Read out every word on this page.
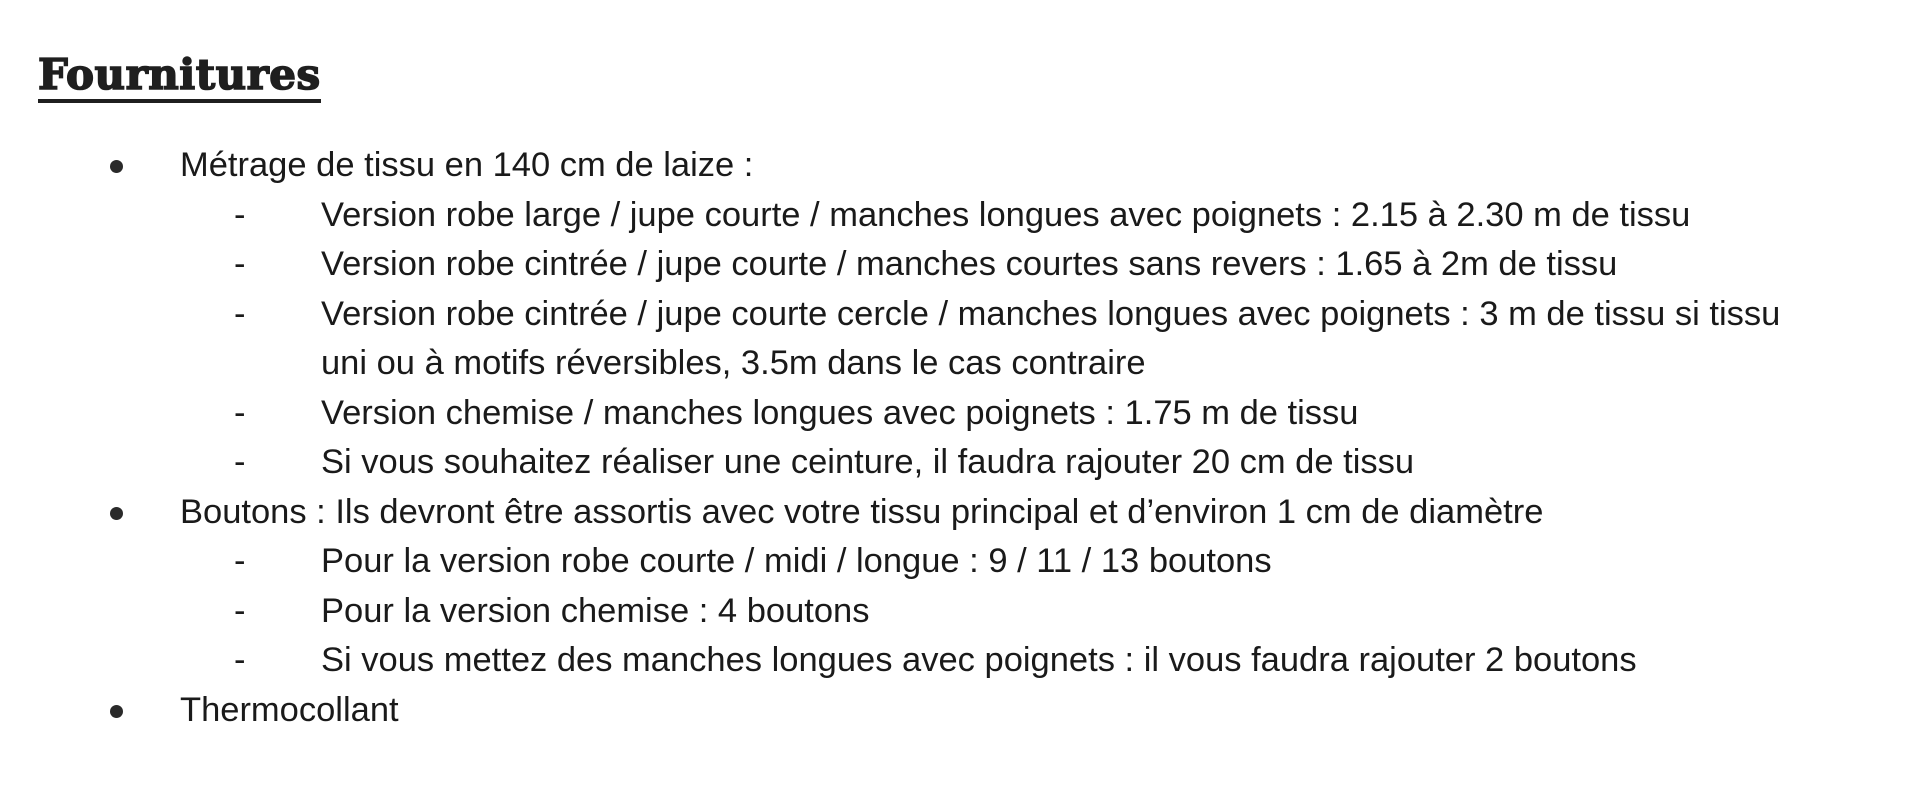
Fournitures
Métrage de tissu en 140 cm de laize :
- Version robe large / jupe courte / manches longues avec poignets : 2.15 à 2.30 m de tissu
- Version robe cintrée / jupe courte / manches courtes sans revers : 1.65 à 2m de tissu
- Version robe cintrée / jupe courte cercle / manches longues avec poignets : 3 m de tissu si tissu
uni ou à motifs réversibles, 3.5m dans le cas contraire
- Version chemise / manches longues avec poignets : 1.75 m de tissu
- Si vous souhaitez réaliser une ceinture, il faudra rajouter 20 cm de tissu
Boutons : Ils devront être assortis avec votre tissu principal et d’environ 1 cm de diamètre
- Pour la version robe courte / midi / longue : 9 / 11 / 13 boutons
- Pour la version chemise : 4 boutons
- Si vous mettez des manches longues avec poignets : il vous faudra rajouter 2 boutons
Thermocollant
